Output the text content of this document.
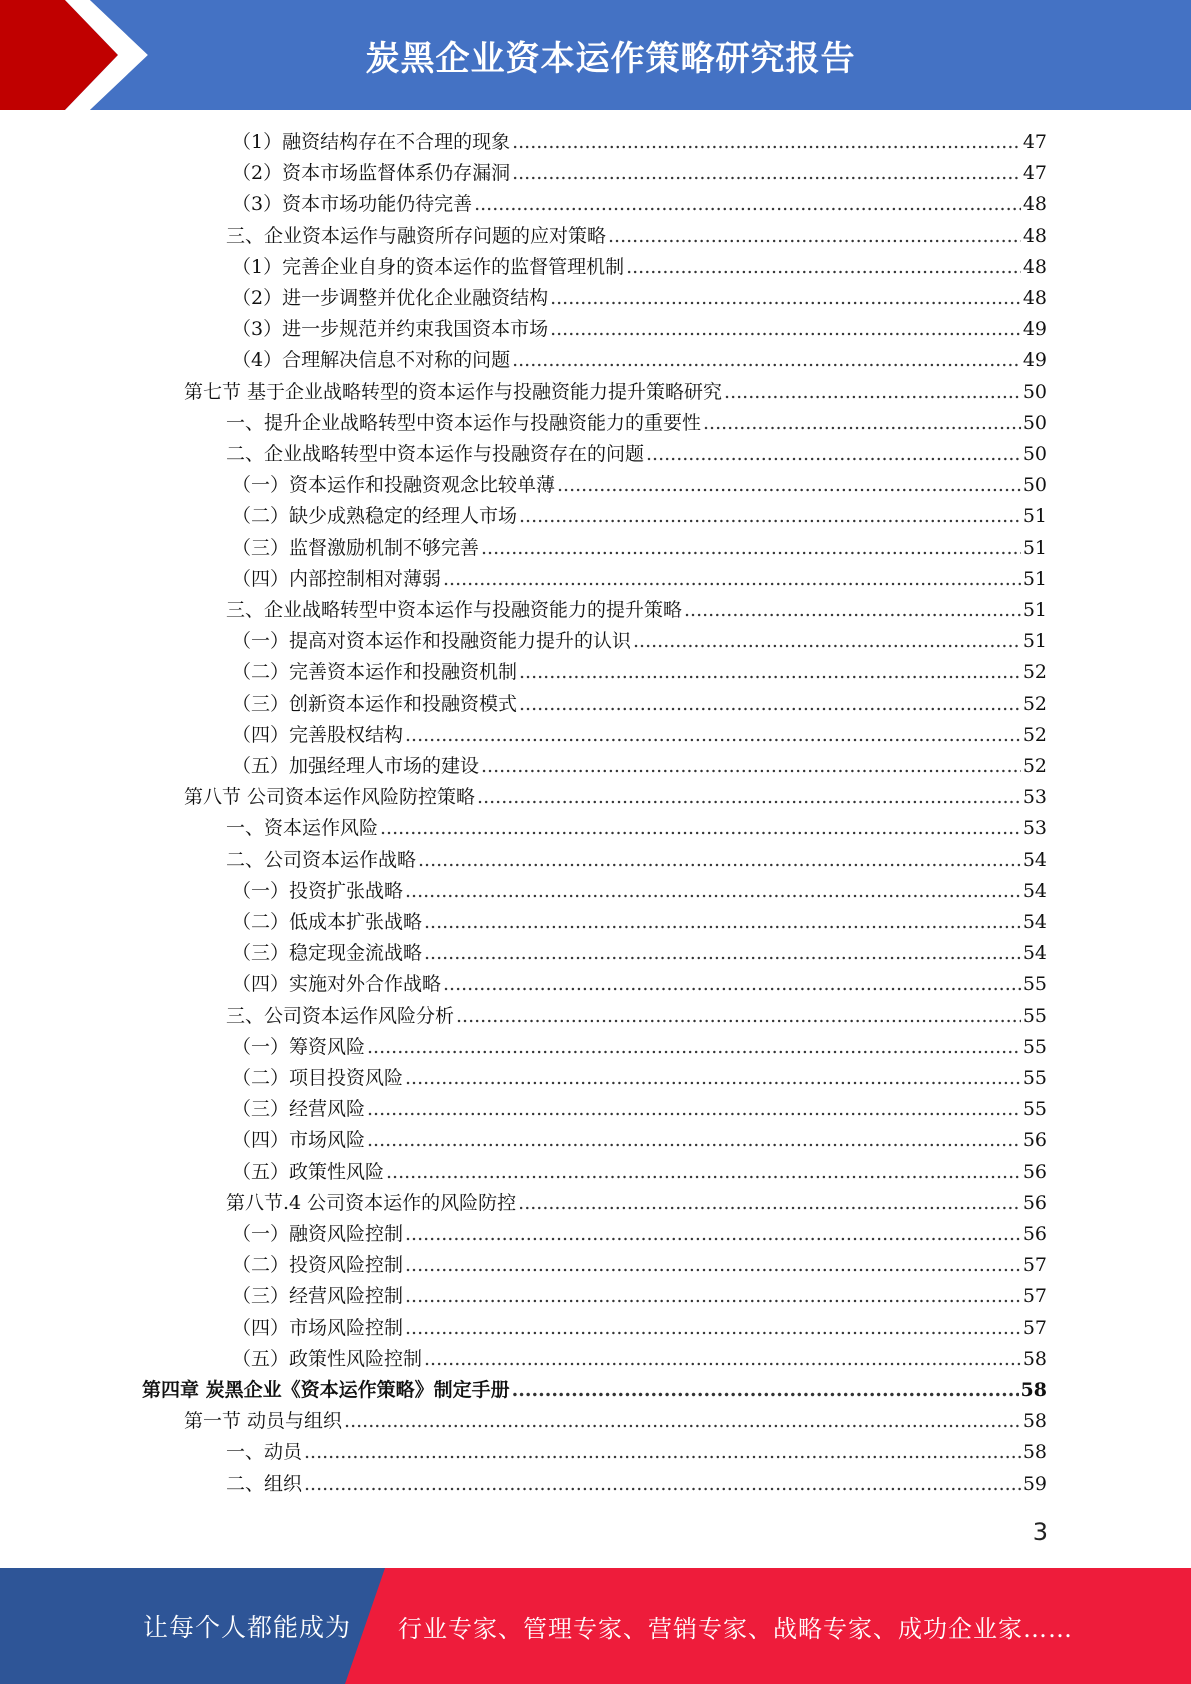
炭黑企业资本运作策略研究报告
（1）融资结构存在不合理的现象 .....	47
（2）资本市场监督体系仍存漏洞 .....	47
（3）资本市场功能仍待完善 .....	48
三、企业资本运作与融资所存问题的应对策略 .....	48
（1）完善企业自身的资本运作的监督管理机制 .....	48
（2）进一步调整并优化企业融资结构 .....	48
（3）进一步规范并约束我国资本市场 .....	49
（4）合理解决信息不对称的问题 .....	49
第七节 基于企业战略转型的资本运作与投融资能力提升策略研究 .....	50
一、提升企业战略转型中资本运作与投融资能力的重要性 .....	50
二、企业战略转型中资本运作与投融资存在的问题 .....	50
（一）资本运作和投融资观念比较单薄 .....	50
（二）缺少成熟稳定的经理人市场 .....	51
（三）监督激励机制不够完善 .....	51
（四）内部控制相对薄弱 .....	51
三、企业战略转型中资本运作与投融资能力的提升策略 .....	51
（一）提高对资本运作和投融资能力提升的认识 .....	51
（二）完善资本运作和投融资机制 .....	52
（三）创新资本运作和投融资模式 .....	52
（四）完善股权结构 .....	52
（五）加强经理人市场的建设 .....	52
第八节 公司资本运作风险防控策略 .....	53
一、资本运作风险 .....	53
二、公司资本运作战略 .....	54
（一）投资扩张战略 .....	54
（二）低成本扩张战略 .....	54
（三）稳定现金流战略 .....	54
（四）实施对外合作战略 .....	55
三、公司资本运作风险分析 .....	55
（一）筹资风险 .....	55
（二）项目投资风险 .....	55
（三）经营风险 .....	55
（四）市场风险 .....	56
（五）政策性风险 .....	56
第八节.4 公司资本运作的风险防控 .....	56
（一）融资风险控制 .....	56
（二）投资风险控制 .....	57
（三）经营风险控制 .....	57
（四）市场风险控制 .....	57
（五）政策性风险控制 .....	58
第四章 炭黑企业《资本运作策略》制定手册 .....	58
第一节 动员与组织 .....	58
一、动员 .....	58
二、组织 .....	59
3
让每个人都能成为 行业专家、管理专家、营销专家、战略专家、成功企业家……
